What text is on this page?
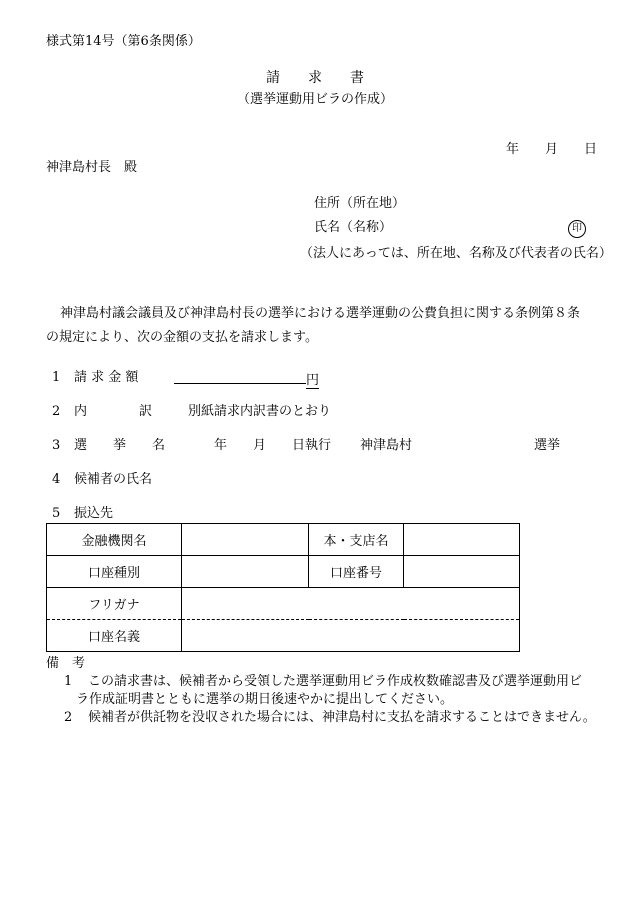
様式第14号（第6条関係）
請　　求　　書
（選挙運動用ビラの作成）
年　　月　　日
神津島村長　殿
住所（所在地）
氏名（名称）	印
（法人にあっては、所在地、名称及び代表者の氏名）
神津島村議会議員及び神津島村長の選挙における選挙運動の公費負担に関する条例第８条
の規定により、次の金額の支払を請求します。
1 請 求 金 額	円
2 内　　　　訳	別紙請求内訳書のとおり
3 選　　挙　　名	年　　月　　日執行 神津島村	選挙
4 候補者の氏名
5 振込先
金融機関名		本・支店名	
口座種別		口座番号	
フリガナ			
口座名義			
備　考
1 この請求書は、候補者から受領した選挙運動用ビラ作成枚数確認書及び選挙運動用ビ
ラ作成証明書とともに選挙の期日後速やかに提出してください。
2 候補者が供託物を没収された場合には、神津島村に支払を請求することはできません。
